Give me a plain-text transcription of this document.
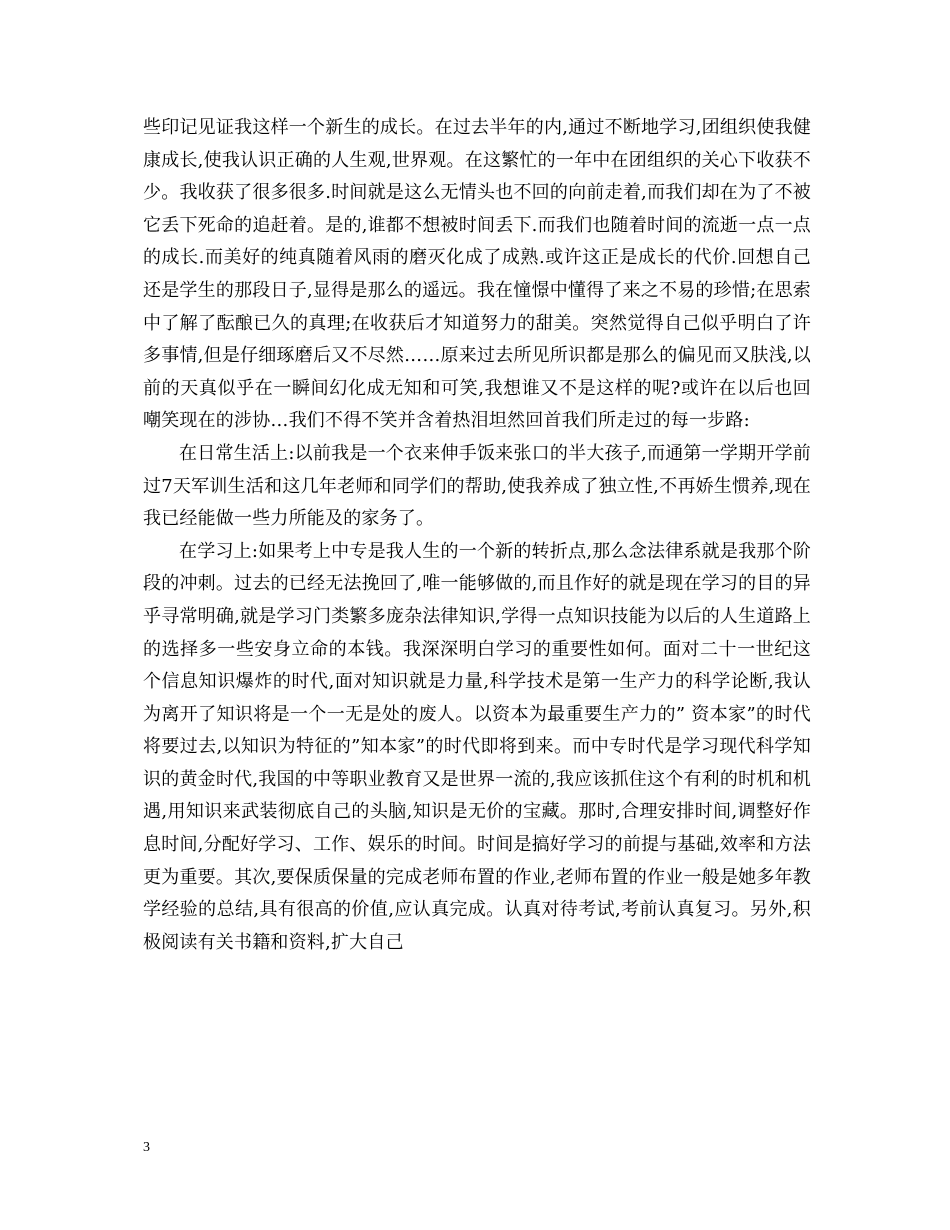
些印记见证我这样一个新生的成长。在过去半年的内,通过不断地学习,团组织使我健康成长,使我认识正确的人生观,世界观。在这繁忙的一年中在团组织的关心下收获不少。我收获了很多很多.时间就是这么无情头也不回的向前走着,而我们却在为了不被它丢下死命的追赶着。是的,谁都不想被时间丢下.而我们也随着时间的流逝一点一点的成长.而美好的纯真随着风雨的磨灭化成了成熟.或许这正是成长的代价.回想自己还是学生的那段日子,显得是那么的遥远。我在憧憬中懂得了来之不易的珍惜;在思索中了解了酝酿已久的真理;在收获后才知道努力的甜美。突然觉得自己似乎明白了许多事情,但是仔细琢磨后又不尽然……原来过去所见所识都是那么的偏见而又肤浅,以前的天真似乎在一瞬间幻化成无知和可笑,我想谁又不是这样的呢?或许在以后也回嘲笑现在的涉协…我们不得不笑并含着热泪坦然回首我们所走过的每一步路:

在日常生活上:以前我是一个衣来伸手饭来张口的半大孩子,而通第一学期开学前过7天军训生活和这几年老师和同学们的帮助,使我养成了独立性,不再娇生惯养,现在我已经能做一些力所能及的家务了。

在学习上:如果考上中专是我人生的一个新的转折点,那么念法律系就是我那个阶段的冲刺。过去的已经无法挽回了,唯一能够做的,而且作好的就是现在学习的目的异乎寻常明确,就是学习门类繁多庞杂法律知识,学得一点知识技能为以后的人生道路上的选择多一些安身立命的本钱。我深深明白学习的重要性如何。面对二十一世纪这个信息知识爆炸的时代,面对知识就是力量,科学技术是第一生产力的科学论断,我认为离开了知识将是一个一无是处的废人。以资本为最重要生产力的” 资本家”的时代将要过去,以知识为特征的”知本家”的时代即将到来。而中专时代是学习现代科学知识的黄金时代,我国的中等职业教育又是世界一流的,我应该抓住这个有利的时机和机遇,用知识来武装彻底自己的头脑,知识是无价的宝藏。那时,合理安排时间,调整好作息时间,分配好学习、工作、娱乐的时间。时间是搞好学习的前提与基础,效率和方法更为重要。其次,要保质保量的完成老师布置的作业,老师布置的作业一般是她多年教学经验的总结,具有很高的价值,应认真完成。认真对待考试,考前认真复习。另外,积极阅读有关书籍和资料,扩大自己

3
